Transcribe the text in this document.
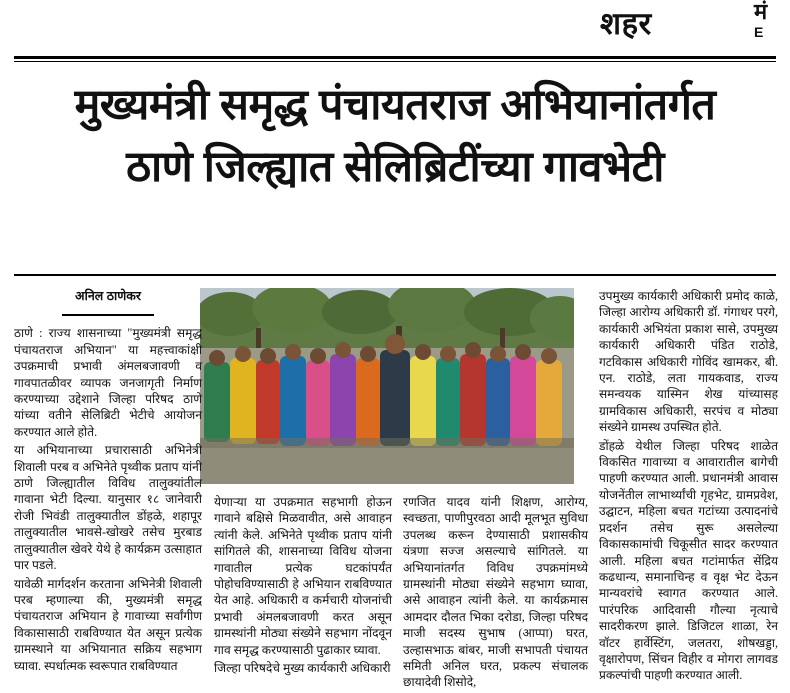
शहर	मं
E
मुख्यमंत्री समृद्ध पंचायतराज अभियानांतर्गत
ठाणे जिल्ह्यात सेलिब्रिटींच्या गावभेटी
अनिल ठाणेकर

ठाणे : राज्य शासनाच्या "मुख्यमंत्री समृद्ध पंचायतराज अभियान" या महत्त्वाकांक्षी उपक्रमाची प्रभावी अंमलबजावणी व गावपातळीवर व्यापक जनजागृती निर्माण करण्याच्या उद्देशाने जिल्हा परिषद ठाणे यांच्या वतीने सेलिब्रिटी भेटीचे आयोजन करण्यात आले होते.

या अभियानाच्या प्रचारासाठी अभिनेत्री शिवाली परब व अभिनेते पृथ्वीक प्रताप यांनी ठाणे जिल्ह्यातील विविध तालुक्यांतील गावाना भेटी दिल्या. यानुसार १८ जानेवारी रोजी भिवंडी तालुक्यातील डोंहळे, शहापूर तालुक्यातील भावसे-खोखरे तसेच मुरबाड तालुक्यातील खेवरे येथे हे कार्यक्रम उत्साहात पार पडले.

यावेळी मार्गदर्शन करताना अभिनेत्री शिवाली परब म्हणाल्या की, मुख्यमंत्री समृद्ध पंचायतराज अभियान हे गावाच्या सर्वांगीण विकासासाठी राबविण्यात येत असून प्रत्येक ग्रामस्थाने या अभियानात सक्रिय सहभाग घ्यावा. स्पर्धात्मक स्वरूपात राबविण्यात

येणाऱ्या या उपक्रमात सहभागी होऊन गावाने बक्षिसे मिळवावीत, असे आवाहन त्यांनी केले. अभिनेते पृथ्वीक प्रताप यांनी सांगितले की, शासनाच्या विविध योजना गावातील प्रत्येक घटकांपर्यंत पोहोचविण्यासाठी हे अभियान राबविण्यात येत आहे. अधिकारी व कर्मचारी योजनांची प्रभावी अंमलबजावणी करत असून ग्रामस्थांनी मोठ्या संख्येने सहभाग नोंदवून गाव समृद्ध करण्यासाठी पुढाकार घ्यावा.

जिल्हा परिषदेचे मुख्य कार्यकारी अधिकारी

रणजित यादव यांनी शिक्षण, आरोग्य, स्वच्छता, पाणीपुरवठा आदी मूलभूत सुविधा उपलब्ध करून देण्यासाठी प्रशासकीय यंत्रणा सज्ज असल्याचे सांगितले. या अभियानांतर्गत विविध उपक्रमांमध्ये ग्रामस्थांनी मोठ्या संख्येने सहभाग घ्यावा, असे आवाहन त्यांनी केले. या कार्यक्रमास आमदार दौलत भिका दरोडा, जिल्हा परिषद माजी सदस्य सुभाष (आप्पा) घरत, उल्हासभाऊ बांबर, माजी सभापती पंचायत समिती अनिल घरत, प्रकल्प संचालक छायादेवी शिसोदे,

उपमुख्य कार्यकारी अधिकारी प्रमोद काळे, जिल्हा आरोग्य अधिकारी डॉ. गंगाधर परगे, कार्यकारी अभियंता प्रकाश सासे, उपमुख्य कार्यकारी अधिकारी पंडित राठोडे, गटविकास अधिकारी गोविंद खामकर, बी. एन. राठोडे, लता गायकवाड, राज्य समन्वयक यास्मिन शेख यांच्यासह ग्रामविकास अधिकारी, सरपंच व मोठ्या संख्येने ग्रामस्थ उपस्थित होते.

डोंहळे येथील जिल्हा परिषद शाळेत विकसित गावाच्या व आवारातील बागेची पाहणी करण्यात आली. प्रधानमंत्री आवास योजनेंतील लाभार्थ्यांची गृहभेट, ग्रामप्रवेश, उद्घाटन, महिला बचत गटांच्या उत्पादनांचे प्रदर्शन तसेच सुरू असलेल्या विकासकामांची चिकूसीत सादर करण्यात आली. महिला बचत गटांमार्फत सेंद्रिय कढधान्य, समानाचिन्ह व वृक्ष भेट देऊन मान्यवरांचे स्वागत करण्यात आले. पारंपरिक आदिवासी गौल्या नृत्याचे सादरीकरण झाले. डिजिटल शाळा, रेन वॉटर हार्वेस्टिंग, जलतरा, शोषखड्डा, वृक्षारोपण, सिंचन विहीर व मोगरा लागवड प्रकल्पांची पाहणी करण्यात आली.
